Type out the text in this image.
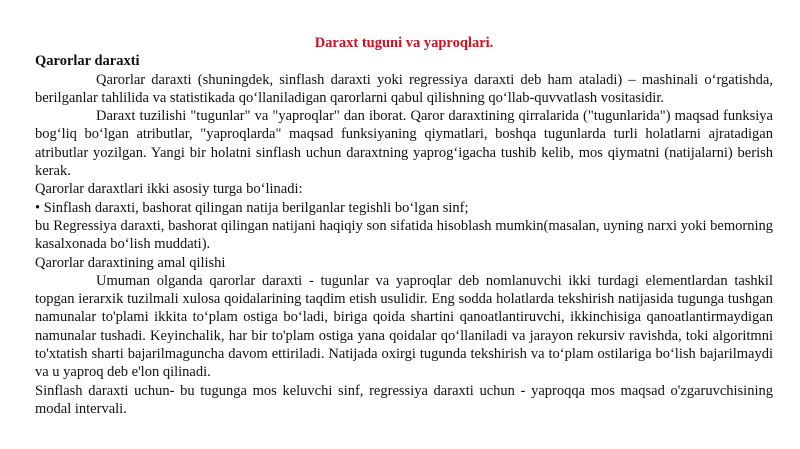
Daraxt tuguni va yaproqlari.
Qarorlar daraxti

Qarorlar daraxti (shuningdek, sinflash daraxti yoki regressiya daraxti deb ham ataladi) – mashinali o‘rgatishda, berilganlar tahlilida va statistikada qo‘llaniladigan qarorlarni qabul qilishning qo‘llab-quvvatlash vositasidir.

Daraxt tuzilishi "tugunlar" va "yaproqlar" dan iborat. Qaror daraxtining qirralarida ("tugunlarida") maqsad funksiya bog‘liq bo‘lgan atributlar, "yaproqlarda" maqsad funksiyaning qiymatlari, boshqa tugunlarda turli holatlarni ajratadigan atributlar yozilgan. Yangi bir holatni sinflash uchun daraxtning yaprog‘igacha tushib kelib, mos qiymatni (natijalarni) berish kerak.

Qarorlar daraxtlari ikki asosiy turga bo‘linadi:

• Sinflash daraxti, bashorat qilingan natija berilganlar tegishli bo‘lgan sinf;

bu Regressiya daraxti, bashorat qilingan natijani haqiqiy son sifatida hisoblash mumkin(masalan, uyning narxi yoki bemorning kasalxonada bo‘lish muddati).

Qarorlar daraxtining amal qilishi

Umuman olganda qarorlar daraxti - tugunlar va yaproqlar deb nomlanuvchi ikki turdagi elementlardan tashkil topgan ierarxik tuzilmali xulosa qoidalarining taqdim etish usulidir. Eng sodda holatlarda tekshirish natijasida tugunga tushgan namunalar to'plami ikkita to‘plam ostiga bo‘ladi, biriga qoida shartini qanoatlantiruvchi, ikkinchisiga qanoatlantirmaydigan namunalar tushadi. Keyinchalik, har bir to'plam ostiga yana qoidalar qo‘llaniladi va jarayon rekursiv ravishda, toki algoritmni to'xtatish sharti bajarilmaguncha davom ettiriladi. Natijada oxirgi tugunda tekshirish va to‘plam ostilariga bo‘lish bajarilmaydi va u yaproq deb e'lon qilinadi.

Sinflash daraxti uchun- bu tugunga mos keluvchi sinf, regressiya daraxti uchun - yaproqqa mos maqsad o'zgaruvchisining modal intervali.
